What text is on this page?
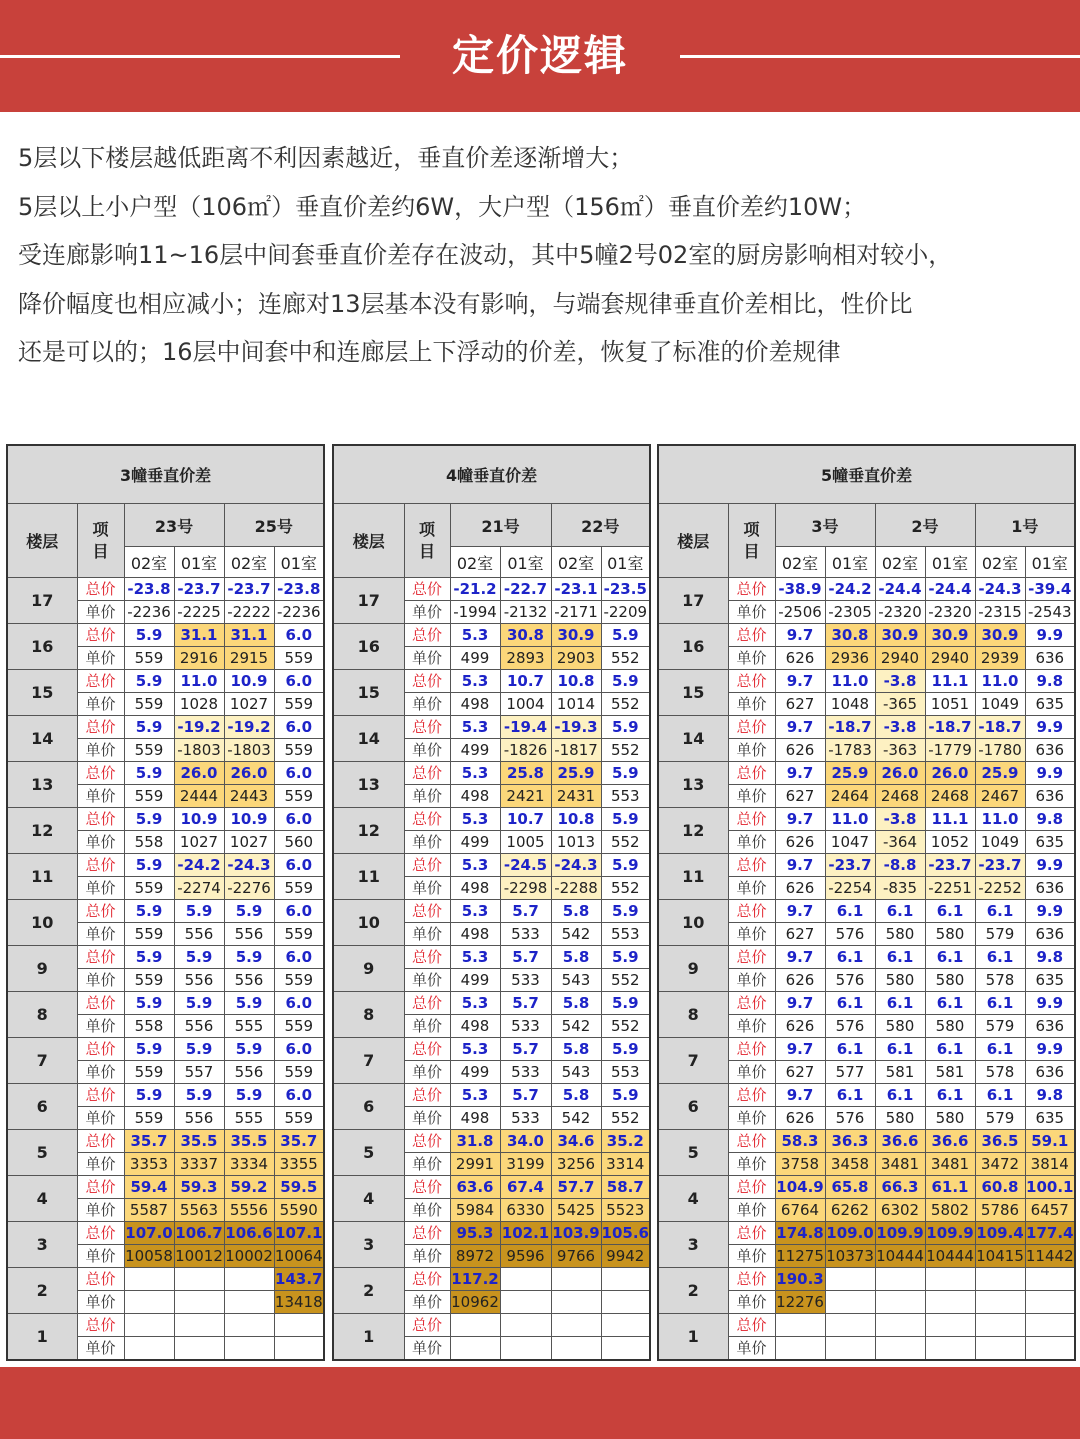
定价逻辑

5层以下楼层越低距离不利因素越近，垂直价差逐渐增大；

5层以上小户型（106㎡）垂直价差约6W，大户型（156㎡）垂直价差约10W；

受连廊影响11~16层中间套垂直价差存在波动，其中5幢2号02室的厨房影响相对较小，

降价幅度也相应减小；连廊对13层基本没有影响，与端套规律垂直价差相比，性价比

还是可以的；16层中间套中和连廊层上下浮动的价差，恢复了标准的价差规律

3幢垂直价差					
楼层	项目	23号		25号	
		02室	01室	02室	01室
17	总价	-23.8	-23.7	-23.7	-23.8
	单价	-2236	-2225	-2222	-2236
16	总价	5.9	31.1	31.1	6.0
	单价	559	2916	2915	559
15	总价	5.9	11.0	10.9	6.0
	单价	559	1028	1027	559
14	总价	5.9	-19.2	-19.2	6.0
	单价	559	-1803	-1803	559
13	总价	5.9	26.0	26.0	6.0
	单价	559	2444	2443	559
12	总价	5.9	10.9	10.9	6.0
	单价	558	1027	1027	560
11	总价	5.9	-24.2	-24.3	6.0
	单价	559	-2274	-2276	559
10	总价	5.9	5.9	5.9	6.0
	单价	559	556	556	559
9	总价	5.9	5.9	5.9	6.0
	单价	559	556	556	559
8	总价	5.9	5.9	5.9	6.0
	单价	558	556	555	559
7	总价	5.9	5.9	5.9	6.0
	单价	559	557	556	559
6	总价	5.9	5.9	5.9	6.0
	单价	559	556	555	559
5	总价	35.7	35.5	35.5	35.7
	单价	3353	3337	3334	3355
4	总价	59.4	59.3	59.2	59.5
	单价	5587	5563	5556	5590
3	总价	107.0	106.7	106.6	107.1
	单价	10058	10012	10002	10064
2	总价				143.7
	单价				13418
1	总价				
	单价				
4幢垂直价差					
楼层	项目	21号		22号	
		02室	01室	02室	01室
17	总价	-21.2	-22.7	-23.1	-23.5
	单价	-1994	-2132	-2171	-2209
16	总价	5.3	30.8	30.9	5.9
	单价	499	2893	2903	552
15	总价	5.3	10.7	10.8	5.9
	单价	498	1004	1014	552
14	总价	5.3	-19.4	-19.3	5.9
	单价	499	-1826	-1817	552
13	总价	5.3	25.8	25.9	5.9
	单价	498	2421	2431	553
12	总价	5.3	10.7	10.8	5.9
	单价	499	1005	1013	552
11	总价	5.3	-24.5	-24.3	5.9
	单价	498	-2298	-2288	552
10	总价	5.3	5.7	5.8	5.9
	单价	498	533	542	553
9	总价	5.3	5.7	5.8	5.9
	单价	499	533	543	552
8	总价	5.3	5.7	5.8	5.9
	单价	498	533	542	552
7	总价	5.3	5.7	5.8	5.9
	单价	499	533	543	553
6	总价	5.3	5.7	5.8	5.9
	单价	498	533	542	552
5	总价	31.8	34.0	34.6	35.2
	单价	2991	3199	3256	3314
4	总价	63.6	67.4	57.7	58.7
	单价	5984	6330	5425	5523
3	总价	95.3	102.1	103.9	105.6
	单价	8972	9596	9766	9942
2	总价	117.2			
	单价	10962			
1	总价				
	单价				
5幢垂直价差							
楼层	项目	3号		2号		1号	
		02室	01室	02室	01室	02室	01室
17	总价	-38.9	-24.2	-24.4	-24.4	-24.3	-39.4
	单价	-2506	-2305	-2320	-2320	-2315	-2543
16	总价	9.7	30.8	30.9	30.9	30.9	9.9
	单价	626	2936	2940	2940	2939	636
15	总价	9.7	11.0	-3.8	11.1	11.0	9.8
	单价	627	1048	-365	1051	1049	635
14	总价	9.7	-18.7	-3.8	-18.7	-18.7	9.9
	单价	626	-1783	-363	-1779	-1780	636
13	总价	9.7	25.9	26.0	26.0	25.9	9.9
	单价	627	2464	2468	2468	2467	636
12	总价	9.7	11.0	-3.8	11.1	11.0	9.8
	单价	626	1047	-364	1052	1049	635
11	总价	9.7	-23.7	-8.8	-23.7	-23.7	9.9
	单价	626	-2254	-835	-2251	-2252	636
10	总价	9.7	6.1	6.1	6.1	6.1	9.9
	单价	627	576	580	580	579	636
9	总价	9.7	6.1	6.1	6.1	6.1	9.8
	单价	626	576	580	580	578	635
8	总价	9.7	6.1	6.1	6.1	6.1	9.9
	单价	626	576	580	580	579	636
7	总价	9.7	6.1	6.1	6.1	6.1	9.9
	单价	627	577	581	581	578	636
6	总价	9.7	6.1	6.1	6.1	6.1	9.8
	单价	626	576	580	580	579	635
5	总价	58.3	36.3	36.6	36.6	36.5	59.1
	单价	3758	3458	3481	3481	3472	3814
4	总价	104.9	65.8	66.3	61.1	60.8	100.1
	单价	6764	6262	6302	5802	5786	6457
3	总价	174.8	109.0	109.9	109.9	109.4	177.4
	单价	11275	10373	10444	10444	10415	11442
2	总价	190.3					
	单价	12276					
1	总价						
	单价						
